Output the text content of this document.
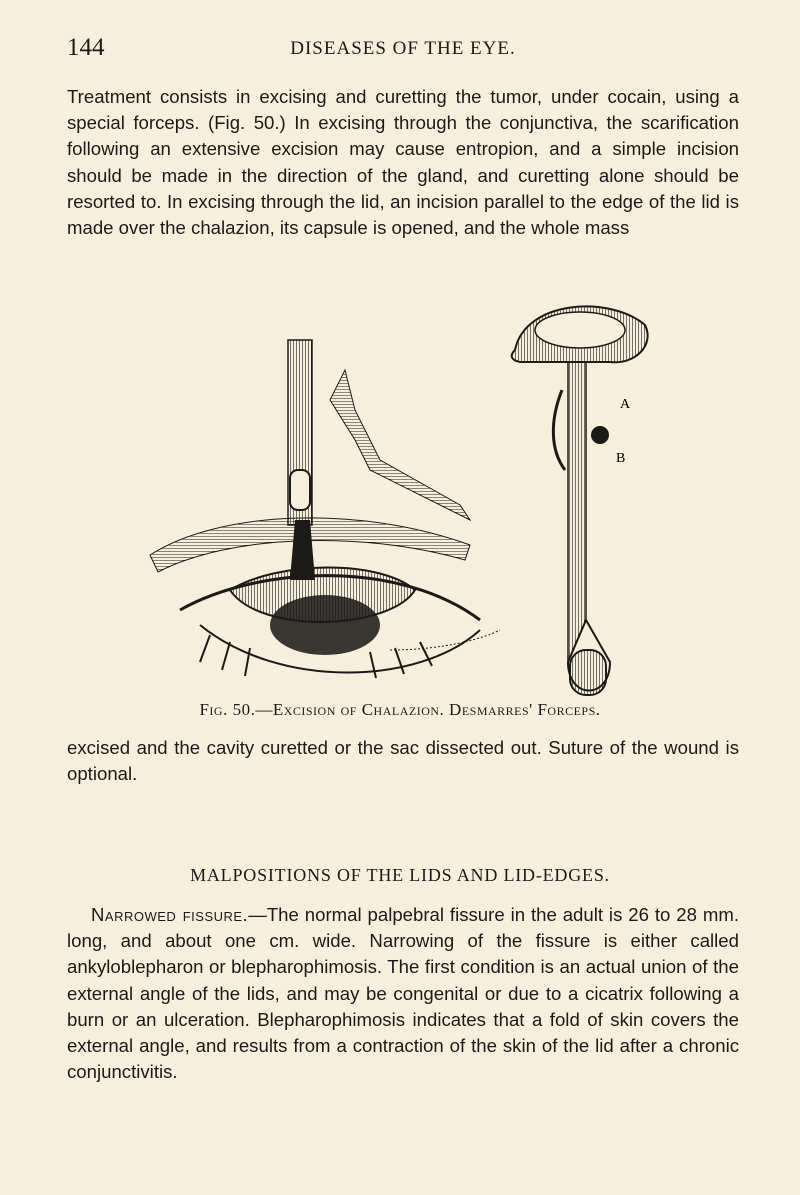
144	DISEASES OF THE EYE.

Treatment consists in excising and curetting the tumor, under cocain, using a special forceps. (Fig. 50.) In excising through the conjunctiva, the scarification following an extensive excision may cause entropion, and a simple incision should be made in the direction of the gland, and curetting alone should be resorted to. In excising through the lid, an incision parallel to the edge of the lid is made over the chalazion, its capsule is opened, and the whole mass

A
B
Fig. 50.—Excision of Chalazion. Desmarres' Forceps.

excised and the cavity curetted or the sac dissected out. Suture of the wound is optional.

MALPOSITIONS OF THE LIDS AND LID-EDGES.

Narrowed fissure.—The normal palpebral fissure in the adult is 26 to 28 mm. long, and about one cm. wide. Narrowing of the fissure is either called ankyloblepharon or blepharophimosis. The first condition is an actual union of the external angle of the lids, and may be congenital or due to a cicatrix following a burn or an ulceration. Blepharophimosis indicates that a fold of skin covers the external angle, and results from a contraction of the skin of the lid after a chronic conjunctivitis.
